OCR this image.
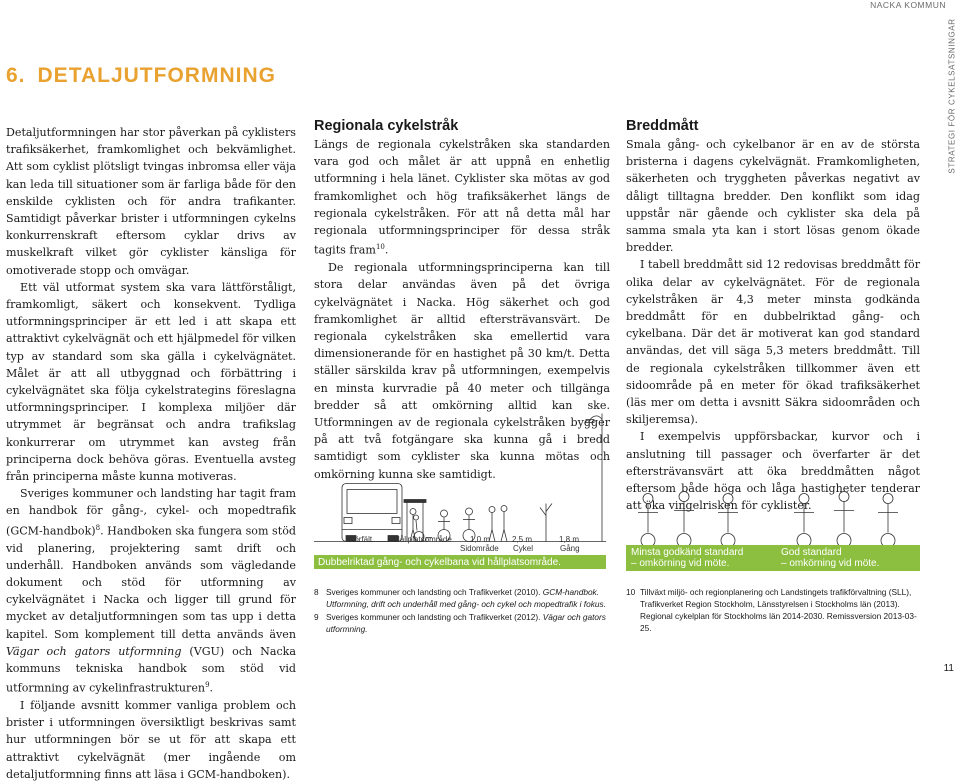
NACKA KOMMUN
STRATEGI FÖR CYKELSATSNINGAR
6. DETALJUTFORMNING

Detaljutformningen har stor påverkan på cyklisters trafiksäkerhet, framkomlighet och bekvämlighet. Att som cyklist plötsligt tvingas inbromsa eller väja kan leda till situationer som är farliga både för den enskilde cyklisten och för andra trafikanter. Samtidigt påverkar brister i utformningen cykelns konkurrenskraft eftersom cyklar drivs av muskelkraft vilket gör cyklister känsliga för omotiverade stopp och omvägar.

Ett väl utformat system ska vara lättförståligt, framkomligt, säkert och konsekvent. Tydliga utformningsprinciper är ett led i att skapa ett attraktivt cykelvägnät och ett hjälpmedel för vilken typ av standard som ska gälla i cykelvägnätet. Målet är att all utbyggnad och förbättring i cykelvägnätet ska följa cykelstrategins föreslagna utformningsprinciper. I komplexa miljöer där utrymmet är begränsat och andra trafikslag konkurrerar om utrymmet kan avsteg från principerna dock behöva göras. Eventuella avsteg från principerna måste kunna motiveras.

Sveriges kommuner och landsting har tagit fram en handbok för gång-, cykel- och mopedtrafik (GCM-handbok)$^8$. Handboken ska fungera som stöd vid planering, projektering samt drift och underhåll. Handboken används som vägledande dokument och stöd för utformning av cykelvägnätet i Nacka och ligger till grund för mycket av detaljutformningen som tas upp i detta kapitel. Som komplement till detta används även Vägar och gators utformning (VGU) och Nacka kommuns tekniska handbok som stöd vid utformning av cykelinfrastrukturen$^9$.

I följande avsnitt kommer vanliga problem och brister i utformningen översiktligt beskrivas samt hur utformningen bör se ut för att skapa ett attraktivt cykelvägnät (mer ingående om detaljutformning finns att läsa i GCM-handboken).

Regionala cykelstråk

Längs de regionala cykelstråken ska standarden vara god och målet är att uppnå en enhetlig utformning i hela länet. Cyklister ska mötas av god framkomlighet och hög trafiksäkerhet längs de regionala cykelstråken. För att nå detta mål har regionala utformningsprinciper för dessa stråk tagits fram$^{10}$.

De regionala utformningsprinciperna kan till stora delar användas även på det övriga cykelvägnätet i Nacka. Hög säkerhet och god framkomlighet är alltid eftersträvansvärt. De regionala cykelstråken ska emellertid vara dimensionerande för en hastighet på 30 km/t. Detta ställer särskilda krav på utformningen, exempelvis en minsta kurvradie på 40 meter och tillgänga bredder så att omkörning alltid kan ske. Utformningen av de regionala cykelstråken bygger på att två fotgängare ska kunna gå i bredd samtidigt som cyklister ska kunna mötas och omkörning kunna ske samtidigt.

Breddmått

Smala gång- och cykelbanor är en av de största bristerna i dagens cykelvägnät. Framkomligheten, säkerheten och tryggheten påverkas negativt av dåligt tilltagna bredder. Den konflikt som idag uppstår när gående och cyklister ska dela på samma smala yta kan i stort lösas genom ökade bredder.

I tabell breddmått sid 12 redovisas breddmått för olika delar av cykelvägnätet. För de regionala cykelstråken är 4,3 meter minsta godkända breddmått för en dubbelriktad gång- och cykelbana. Där det är motiverat kan god standard användas, det vill säga 5,3 meters breddmått. Till de regionala cykelstråken tillkommer även ett sidoområde på en meter för ökad trafiksäkerhet (läs mer om detta i avsnitt Säkra sidoområden och skiljeremsa).

I exempelvis uppförsbackar, kurvor och i anslutning till passager och överfarter är det eftersträvansvärt att öka breddmåtten något eftersom både höga och låga hastigheter tenderar att öka vingelrisken för cyklister.

Körfält	Hållplatsområde 1,0 m
Sidområde
2,5 m
Cykel
1,8 m
Gång
Dubbelriktad gång- och cykelbana vid hållplatsområde.
Minsta godkänd standard
– omkörning vid möte.
God standard
– omkörning vid möte.
8 Sveriges kommuner och landsting och Trafikverket (2010). GCM-handbok. Utformning, drift och underhåll med gång- och cykel och mopedtrafik i fokus.
9 Sveriges kommuner och landsting och Trafikverket (2012). Vägar och gators utformning.
10 Tillväxt miljö- och regionplanering och Landstingets trafikförvaltning (SLL), Trafikverket Region Stockholm, Länsstyrelsen i Stockholms län (2013). Regional cykelplan för Stockholms län 2014-2030. Remissversion 2013-03-25.
11
